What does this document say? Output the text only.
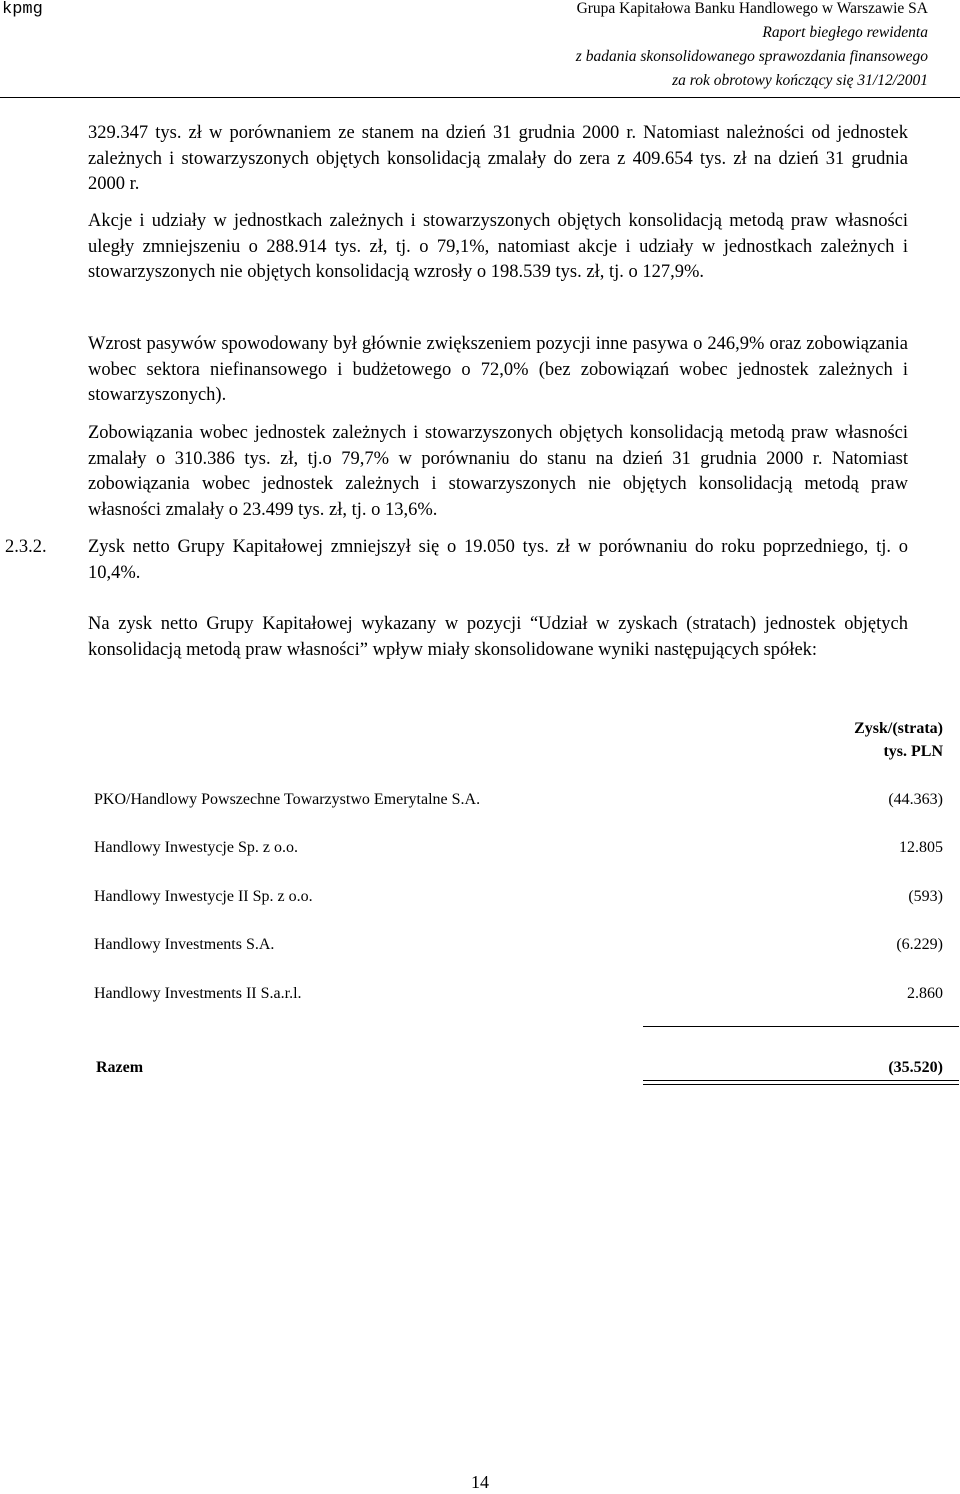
kpmg	Grupa Kapitałowa Banku Handlowego w Warszawie SA
Raport biegłego rewidenta
z badania skonsolidowanego sprawozdania finansowego
za rok obrotowy kończący się 31/12/2001

329.347 tys. zł w porównaniem ze stanem na dzień 31 grudnia 2000 r. Natomiast należności od jednostek zależnych i stowarzyszonych objętych konsolidacją zmalały do zera z 409.654 tys. zł na dzień 31 grudnia 2000 r.

Akcje i udziały w jednostkach zależnych i stowarzyszonych objętych konsolidacją metodą praw własności uległy zmniejszeniu o 288.914 tys. zł, tj. o 79,1%, natomiast akcje i udziały w jednostkach zależnych i stowarzyszonych nie objętych konsolidacją wzrosły o 198.539 tys. zł, tj. o 127,9%.

Wzrost pasywów spowodowany był głównie zwiększeniem pozycji inne pasywa o 246,9% oraz zobowiązania wobec sektora niefinansowego i budżetowego o 72,0% (bez zobowiązań wobec jednostek zależnych i stowarzyszonych).

Zobowiązania wobec jednostek zależnych i stowarzyszonych objętych konsolidacją metodą praw własności zmalały o 310.386 tys. zł, tj.o 79,7% w porównaniu do stanu na dzień 31 grudnia 2000 r. Natomiast zobowiązania wobec jednostek zależnych i stowarzyszonych nie objętych konsolidacją metodą praw własności zmalały o 23.499 tys. zł, tj. o 13,6%.

2.3.2. Zysk netto Grupy Kapitałowej zmniejszył się o 19.050 tys. zł w porównaniu do roku poprzedniego, tj. o 10,4%.

Na zysk netto Grupy Kapitałowej wykazany w pozycji “Udział w zyskach (stratach) jednostek objętych konsolidacją metodą praw własności” wpływ miały skonsolidowane wyniki następujących spółek:

Zysk/(strata)
tys. PLN
PKO/Handlowy Powszechne Towarzystwo Emerytalne S.A.	(44.363)
Handlowy Inwestycje Sp. z o.o.	12.805
Handlowy Inwestycje II Sp. z o.o.	(593)
Handlowy Investments S.A.	(6.229)
Handlowy Investments II S.a.r.l.	2.860
Razem	(35.520)
14
